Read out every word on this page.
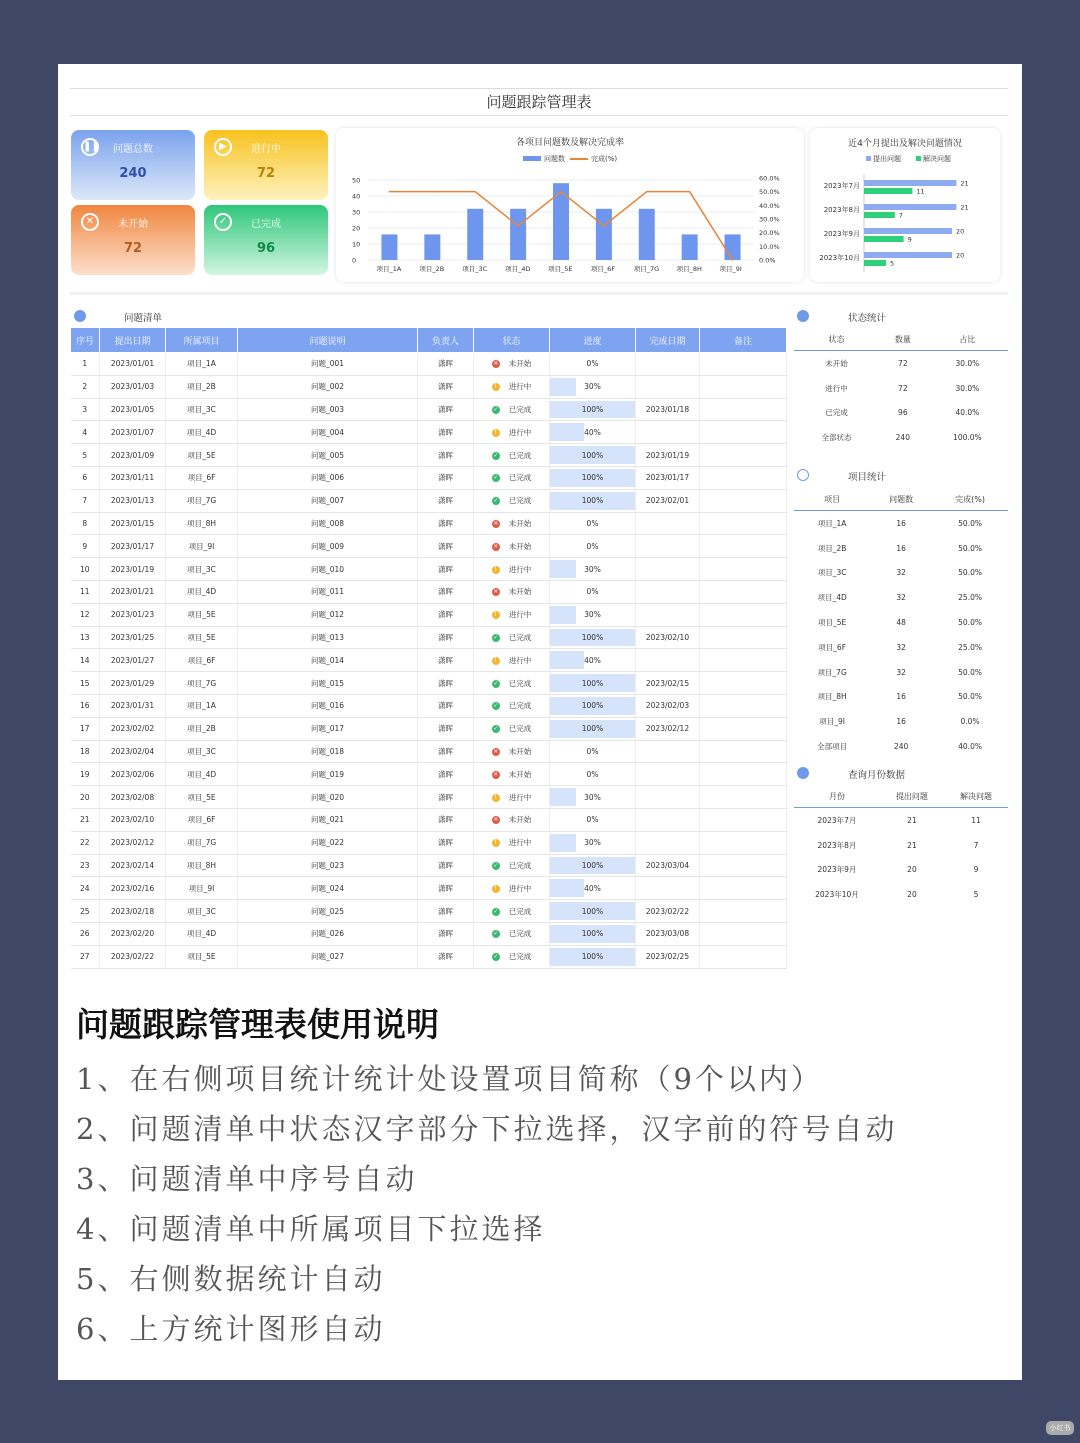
问题跟踪管理表
❚❚	问题总数
240
▶	进行中
72
✕	未开始
72
✓	已完成
96
各项目问题数及解决完成率
问题数	完成(%)
50
40
30
20
10
0
60.0%
50.0%
40.0%
30.0%
20.0%
10.0%
0.0%
项目_1A	项目_2B	项目_3C	项目_4D	项目_5E	项目_6F	项目_7G	项目_8H	项目_9I
近4个月提出及解决问题情况
提出问题	解决问题
2023年7月	21
11
2023年8月	21
7
2023年9月	20
9
2023年10月	20
5
问题清单
序号	提出日期	所属项目	问题说明	负责人	状态	进度	完成日期	备注
1	2023/01/01	项目_1A	问题_001	潇晖	✕ 未开始	0%		
2	2023/01/03	项目_2B	问题_002	潇晖	! 进行中	30%		
3	2023/01/05	项目_3C	问题_003	潇晖	✓ 已完成	100%	2023/01/18	
4	2023/01/07	项目_4D	问题_004	潇晖	! 进行中	40%		
5	2023/01/09	项目_5E	问题_005	潇晖	✓ 已完成	100%	2023/01/19	
6	2023/01/11	项目_6F	问题_006	潇晖	✓ 已完成	100%	2023/01/17	
7	2023/01/13	项目_7G	问题_007	潇晖	✓ 已完成	100%	2023/02/01	
8	2023/01/15	项目_8H	问题_008	潇晖	✕ 未开始	0%		
9	2023/01/17	项目_9I	问题_009	潇晖	✕ 未开始	0%		
10	2023/01/19	项目_3C	问题_010	潇晖	! 进行中	30%		
11	2023/01/21	项目_4D	问题_011	潇晖	✕ 未开始	0%		
12	2023/01/23	项目_5E	问题_012	潇晖	! 进行中	30%		
13	2023/01/25	项目_5E	问题_013	潇晖	✓ 已完成	100%	2023/02/10	
14	2023/01/27	项目_6F	问题_014	潇晖	! 进行中	40%		
15	2023/01/29	项目_7G	问题_015	潇晖	✓ 已完成	100%	2023/02/15	
16	2023/01/31	项目_1A	问题_016	潇晖	✓ 已完成	100%	2023/02/03	
17	2023/02/02	项目_2B	问题_017	潇晖	✓ 已完成	100%	2023/02/12	
18	2023/02/04	项目_3C	问题_018	潇晖	✕ 未开始	0%		
19	2023/02/06	项目_4D	问题_019	潇晖	✕ 未开始	0%		
20	2023/02/08	项目_5E	问题_020	潇晖	! 进行中	30%		
21	2023/02/10	项目_6F	问题_021	潇晖	✕ 未开始	0%		
22	2023/02/12	项目_7G	问题_022	潇晖	! 进行中	30%		
23	2023/02/14	项目_8H	问题_023	潇晖	✓ 已完成	100%	2023/03/04	
24	2023/02/16	项目_9I	问题_024	潇晖	! 进行中	40%		
25	2023/02/18	项目_3C	问题_025	潇晖	✓ 已完成	100%	2023/02/22	
26	2023/02/20	项目_4D	问题_026	潇晖	✓ 已完成	100%	2023/03/08	
27	2023/02/22	项目_5E	问题_027	潇晖	✓ 已完成	100%	2023/02/25	
状态统计
状态	数量	占比
未开始	72	30.0%
进行中	72	30.0%
已完成	96	40.0%
全部状态	240	100.0%
项目统计
项目	问题数	完成(%)
项目_1A	16	50.0%
项目_2B	16	50.0%
项目_3C	32	50.0%
项目_4D	32	25.0%
项目_5E	48	50.0%
项目_6F	32	25.0%
项目_7G	32	50.0%
项目_8H	16	50.0%
项目_9I	16	0.0%
全部项目	240	40.0%
查询月份数据
月份	提出问题	解决问题
2023年7月	21	11
2023年8月	21	7
2023年9月	20	9
2023年10月	20	5
问题跟踪管理表使用说明
1、在右侧项目统计统计处设置项目简称（9个以内）
2、问题清单中状态汉字部分下拉选择，汉字前的符号自动
3、问题清单中序号自动
4、问题清单中所属项目下拉选择
5、右侧数据统计自动
6、上方统计图形自动
小红书
